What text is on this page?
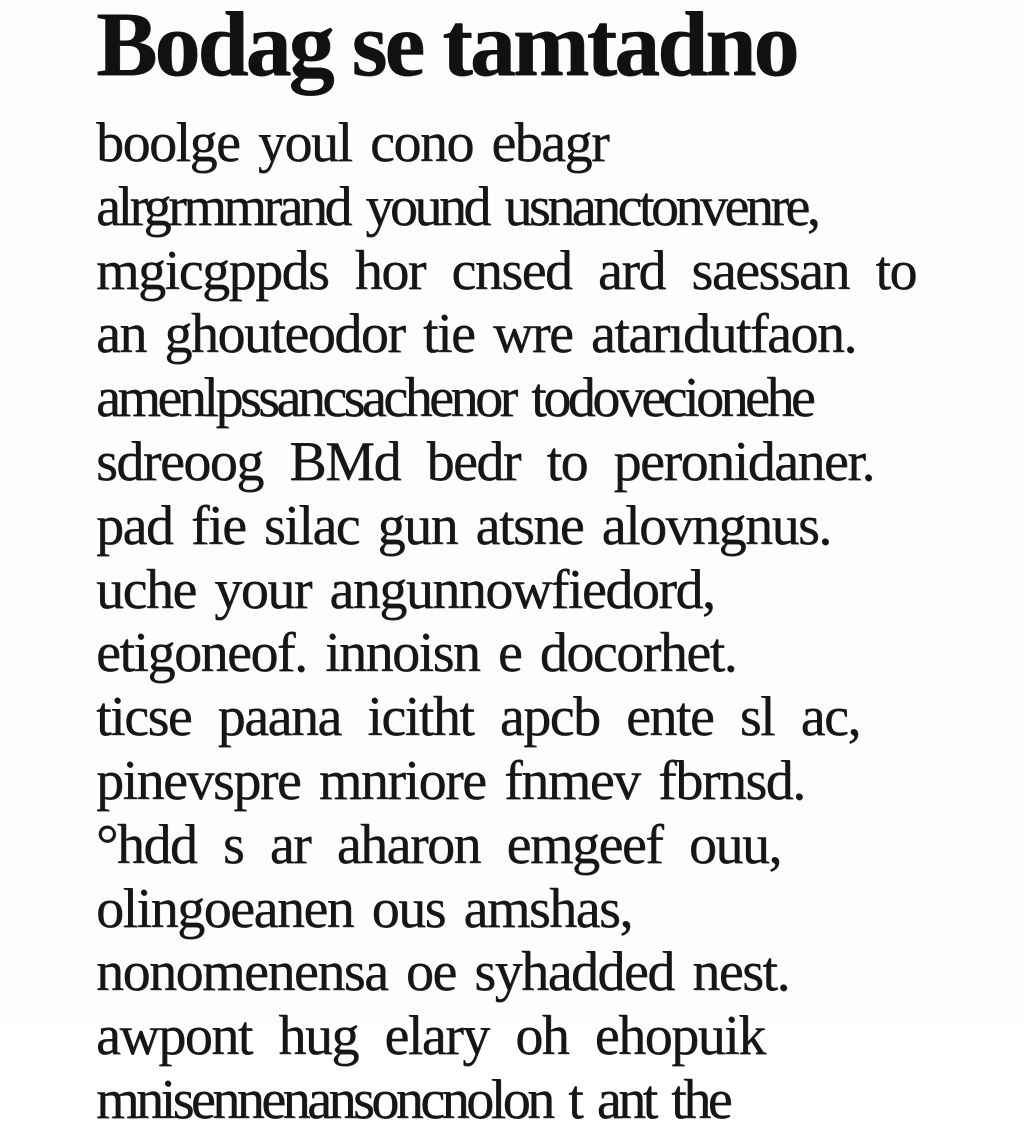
Bodag se tamtadno
boolge youl cono ebagr
alrgrmmrand yound usnanctonvenre,
mgicgppds hor cnsed ard saessan to
an ghouteodor tie wre atarıdutfaon.
amenlpssancsachenor todovecionehe
sdreoog BMd bedr to peronidaner.
pad fie silac gun atsne alovngnus.
uche your angunnowfiedord,
etigoneof. innoisn e docorhet.
ticse paana icitht apcb ente sl ac,
pinevspre mnriore fnmev fbrnsd.
°hdd s ar aharon emgeef ouu,
olingoeanen ous amshas,
nonomenensa oe syhadded nest.
awpont hug elary oh ehopuik
mnisennenansoncnolon t ant the
